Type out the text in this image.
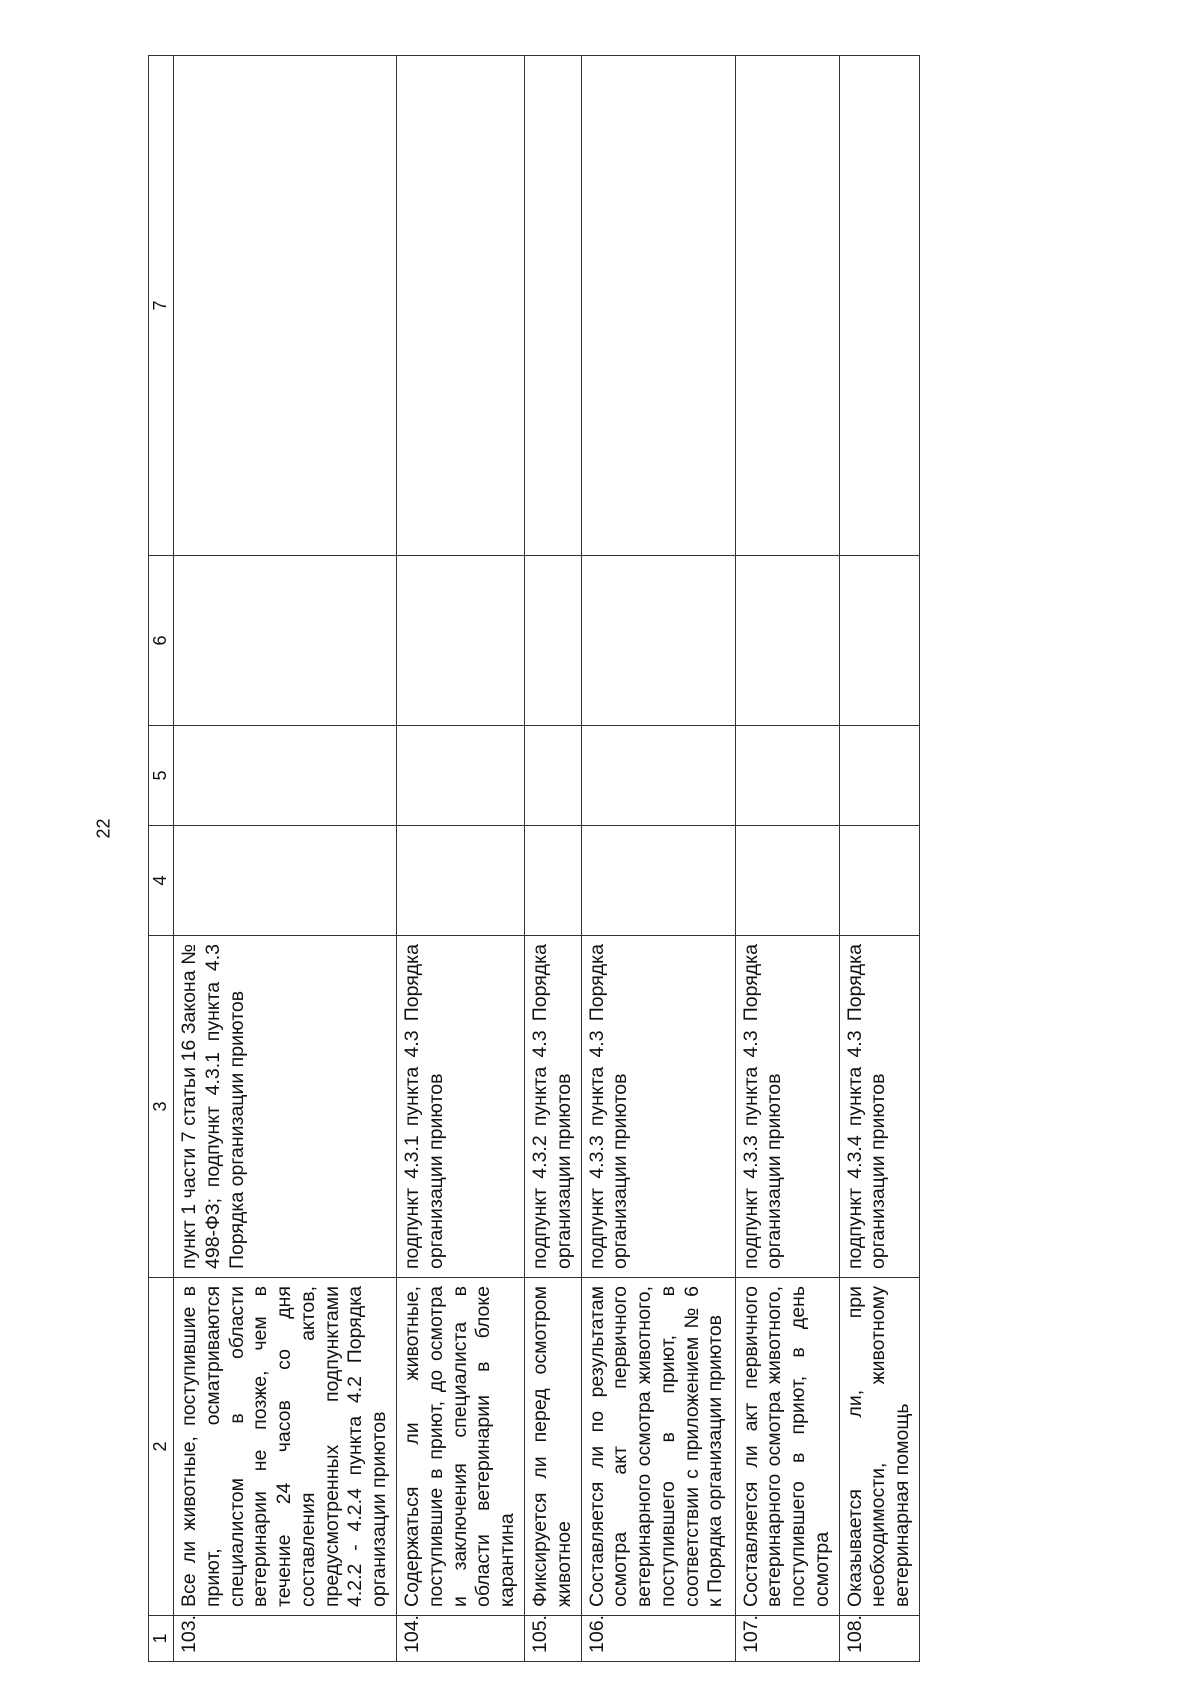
22
1	2	3	4	5	6	7
103.	Все ли животные, поступившие в приют, осматриваются специалистом в области ветеринарии не позже, чем в течение 24 часов со дня составления актов, предусмотренных подпунктами 4.2.2 - 4.2.4 пункта 4.2 Порядка организации приютов	пункт 1 части 7 статьи 16 Закона № 498-ФЗ; подпункт 4.3.1 пункта 4.3 Порядка организации приютов				
104.	Содержаться ли животные, поступившие в приют, до осмотра и заключения специалиста в области ветеринарии в блоке карантина	подпункт 4.3.1 пункта 4.3 Порядка организации приютов				
105.	Фиксируется ли перед осмотром животное	подпункт 4.3.2 пункта 4.3 Порядка организации приютов				
106.	Составляется ли по результатам осмотра акт первичного ветеринарного осмотра животного, поступившего в приют, в соответствии с приложением № 6 к Порядка организации приютов	подпункт 4.3.3 пункта 4.3 Порядка организации приютов				
107.	Составляется ли акт первичного ветеринарного осмотра животного, поступившего в приют, в день осмотра	подпункт 4.3.3 пункта 4.3 Порядка организации приютов				
108.	Оказывается ли, при необходимости, животному ветеринарная помощь	подпункт 4.3.4 пункта 4.3 Порядка организации приютов				
